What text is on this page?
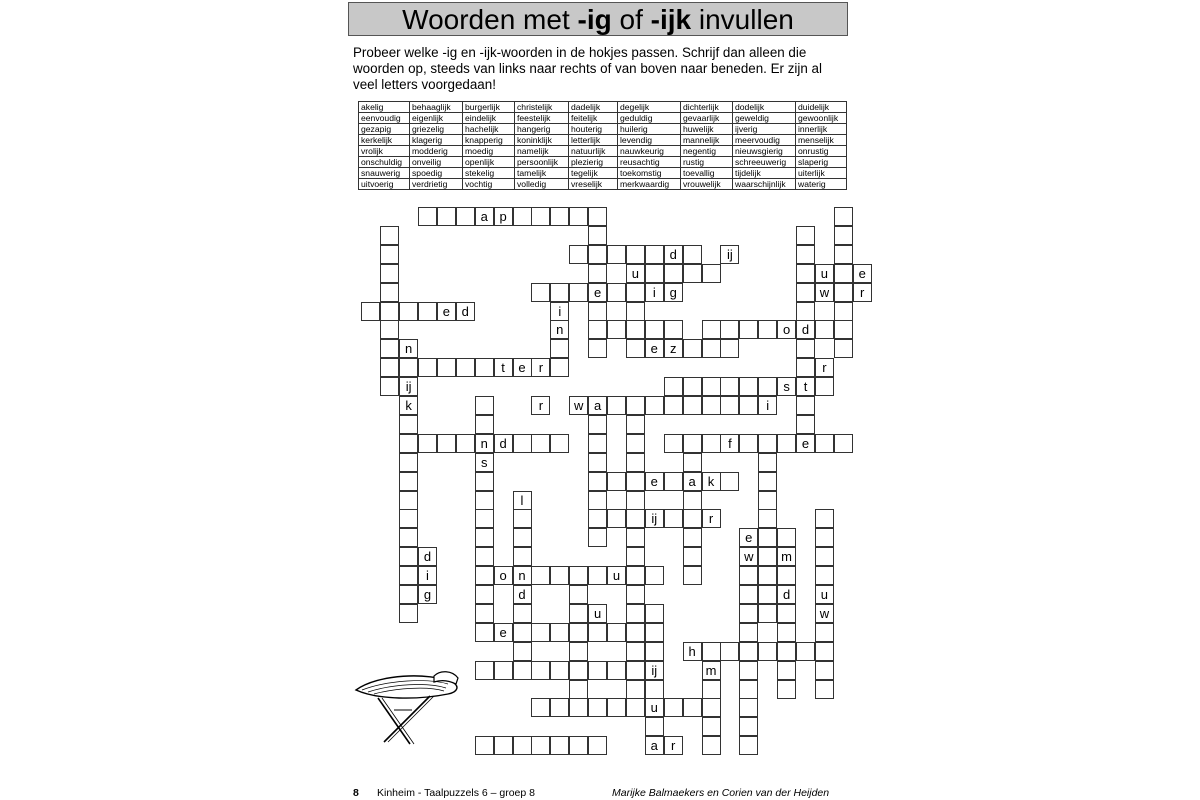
Woorden met -ig of -ijk invullen

Probeer welke -ig en -ijk-woorden in de hokjes passen. Schrijf dan alleen die woorden op, steeds van links naar rechts of van boven naar beneden. Er zijn al veel letters voorgedaan!

akelig	behaaglijk	burgerlijk	christelijk	dadelijk	degelijk	dichterlijk	dodelijk	duidelijk
eenvoudig	eigenlijk	eindelijk	feestelijk	feitelijk	geduldig	gevaarlijk	geweldig	gewoonlijk
gezapig	griezelig	hachelijk	hangerig	houterig	huilerig	huwelijk	ijverig	innerlijk
kerkelijk	klagerig	knapperig	koninklijk	letterlijk	levendig	mannelijk	meervoudig	menselijk
vrolijk	modderig	moedig	namelijk	natuurlijk	nauwkeurig	negentig	nieuwsgierig	onrustig
onschuldig	onveilig	openlijk	persoonlijk	plezierig	reusachtig	rustig	schreeuwerig	slaperig
snauwerig	spoedig	stekelig	tamelijk	tegelijk	toekomstig	toevallig	tijdelijk	uiterlijk
uitvoerig	verdrietig	vochtig	volledig	vreselijk	merkwaardig	vrouwelijk	waarschijnlijk	waterig
a p
e
d
u
i	g
e d	i
n	o d
e z
n
ij
k
t	e	r
s	t
i
n
s
d	f	e
e	a k
l
n
d
ij	r
o	u
e
w	m
d	u
w
e
h
m
u
ij
a
ij
u	e
w	r
r
r	w a
d
i
g
u
r
8 Kinheim - Taalpuzzels 6 – groep 8	Marijke Balmaekers en Corien van der Heijden
